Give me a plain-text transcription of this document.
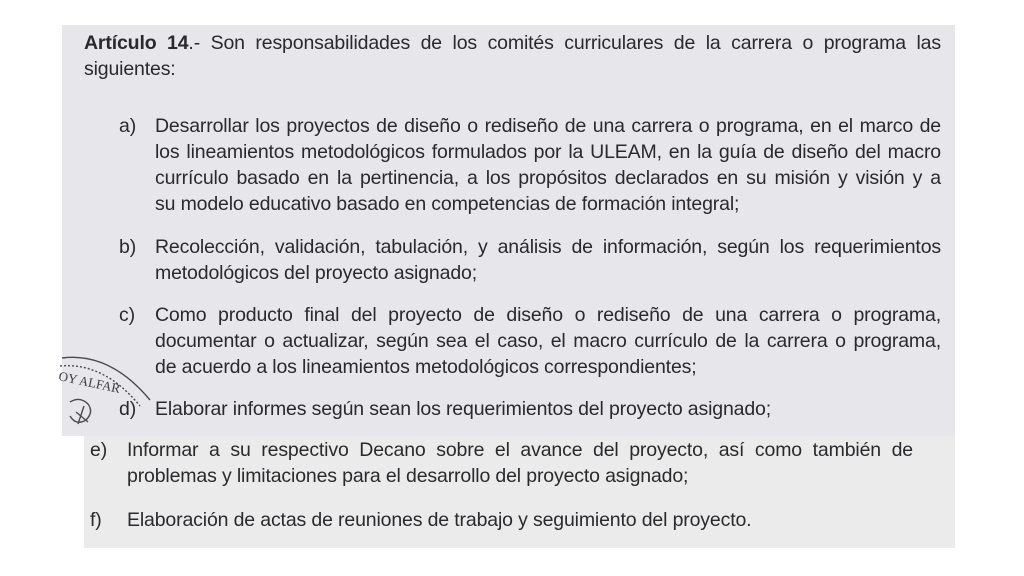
OY ALFAR
Artículo 14.- Son responsabilidades de los comités curriculares de la carrera o programa las
siguientes:
a) Desarrollar los proyectos de diseño o rediseño de una carrera o programa, en el marco de
los lineamientos metodológicos formulados por la ULEAM, en la guía de diseño del macro
currículo basado en la pertinencia, a los propósitos declarados en su misión y visión y a
su modelo educativo basado en competencias de formación integral;
b) Recolección, validación, tabulación, y análisis de información, según los requerimientos
metodológicos del proyecto asignado;
c) Como producto final del proyecto de diseño o rediseño de una carrera o programa,
documentar o actualizar, según sea el caso, el macro currículo de la carrera o programa,
de acuerdo a los lineamientos metodológicos correspondientes;
d) Elaborar informes según sean los requerimientos del proyecto asignado;
e) Informar a su respectivo Decano sobre el avance del proyecto, así como también de
problemas y limitaciones para el desarrollo del proyecto asignado;
f) Elaboración de actas de reuniones de trabajo y seguimiento del proyecto.
